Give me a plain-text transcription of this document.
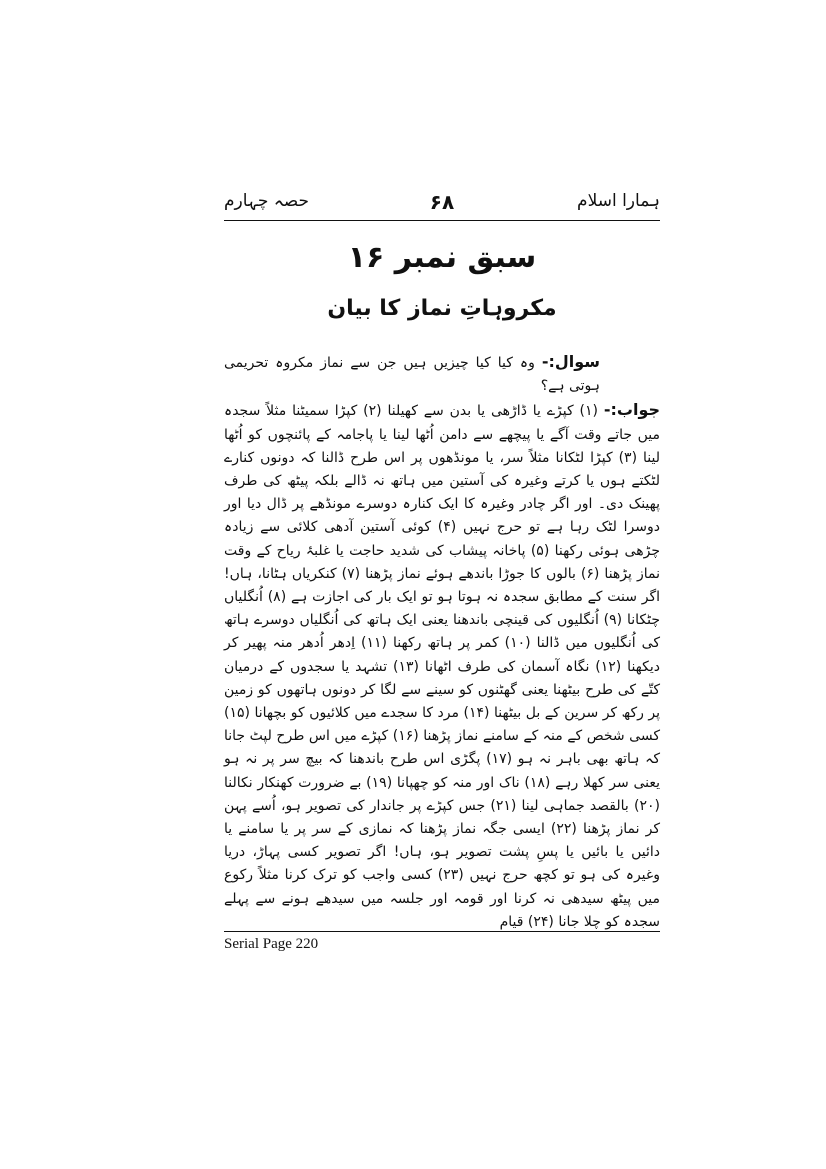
ہمارا اسلام
۶۸
حصہ چہارم
سبق نمبر ۱۶
مکروہاتِ نماز کا بیان
سوال:- وہ کیا کیا چیزیں ہیں جن سے نماز مکروہ تحریمی ہوتی ہے؟
جواب:- (۱) کپڑے یا ڈاڑھی یا بدن سے کھیلنا (۲) کپڑا سمیٹنا مثلاً سجدہ میں جاتے وقت آگے یا پیچھے سے دامن اُٹھا لینا یا پاجامہ کے پائنچوں کو اُٹھا لینا (۳) کپڑا لٹکانا مثلاً سر، یا مونڈھوں پر اس طرح ڈالنا کہ دونوں کنارے لٹکتے ہوں یا کرتے وغیرہ کی آستین میں ہاتھ نہ ڈالے بلکہ پیٹھ کی طرف پھینک دی۔ اور اگر چادر وغیرہ کا ایک کنارہ دوسرے مونڈھے پر ڈال دیا اور دوسرا لٹک رہا ہے تو حرج نہیں (۴) کوئی آستین آدھی کلائی سے زیادہ چڑھی ہوئی رکھنا (۵) پاخانہ پیشاب کی شدید حاجت یا غلبۂ ریاح کے وقت نماز پڑھنا (۶) بالوں کا جوڑا باندھے ہوئے نماز پڑھنا (۷) کنکریاں ہٹانا، ہاں! اگر سنت کے مطابق سجدہ نہ ہوتا ہو تو ایک بار کی اجازت ہے (۸) اُنگلیاں چٹکانا (۹) اُنگلیوں کی قینچی باندھنا یعنی ایک ہاتھ کی اُنگلیاں دوسرے ہاتھ کی اُنگلیوں میں ڈالنا (۱۰) کمر پر ہاتھ رکھنا (۱۱) اِدھر اُدھر منہ پھیر کر دیکھنا (۱۲) نگاہ آسمان کی طرف اٹھانا (۱۳) تشہد یا سجدوں کے درمیان کتّے کی طرح بیٹھنا یعنی گھٹنوں کو سینے سے لگا کر دونوں ہاتھوں کو زمین پر رکھ کر سرین کے بل بیٹھنا (۱۴) مرد کا سجدے میں کلائیوں کو بچھانا (۱۵) کسی شخص کے منہ کے سامنے نماز پڑھنا (۱۶) کپڑے میں اس طرح لپٹ جانا کہ ہاتھ بھی باہر نہ ہو (۱۷) پگڑی اس طرح باندھنا کہ بیچ سر پر نہ ہو یعنی سر کھلا رہے (۱۸) ناک اور منہ کو چھپانا (۱۹) بے ضرورت کھنکار نکالنا (۲۰) بالقصد جماہی لینا (۲۱) جس کپڑے پر جاندار کی تصویر ہو، اُسے پہن کر نماز پڑھنا (۲۲) ایسی جگہ نماز پڑھنا کہ نمازی کے سر پر یا سامنے یا دائیں یا بائیں یا پسِ پشت تصویر ہو، ہاں! اگر تصویر کسی پہاڑ، دریا وغیرہ کی ہو تو کچھ حرج نہیں (۲۳) کسی واجب کو ترک کرنا مثلاً رکوع میں پیٹھ سیدھی نہ کرنا اور قومہ اور جلسہ میں سیدھے ہونے سے پہلے سجدہ کو چلا جانا (۲۴) قیام
Serial Page 220
